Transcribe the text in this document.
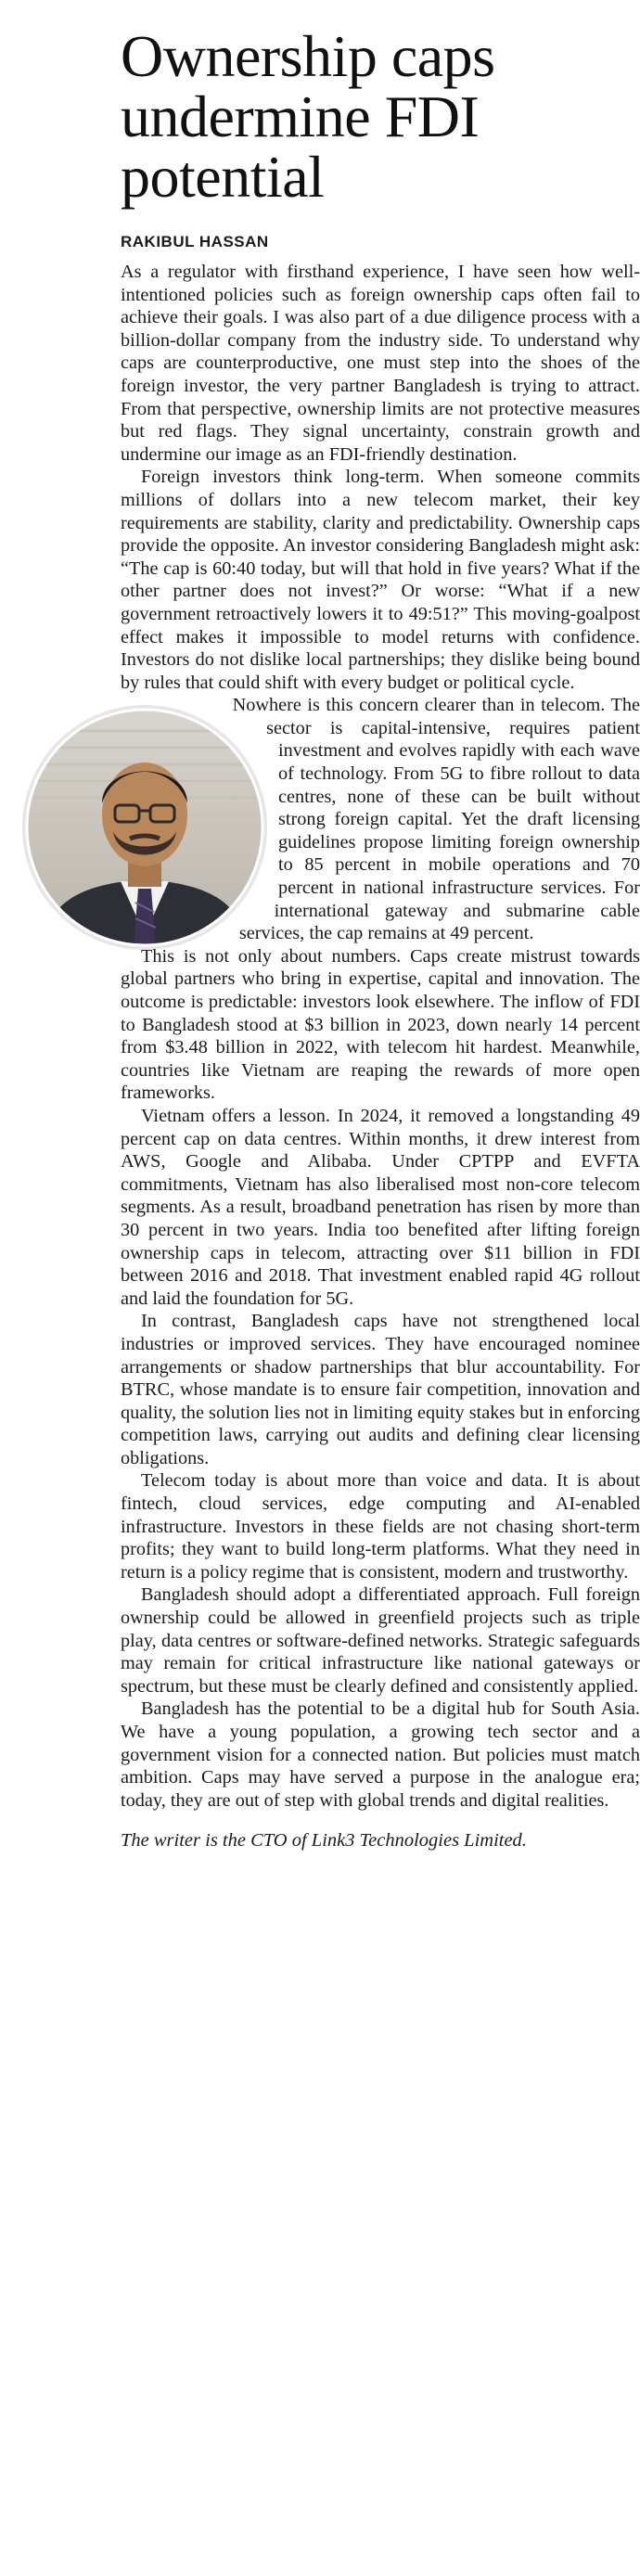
Ownership caps undermine FDI potential
RAKIBUL HASSAN

As a regulator with firsthand experience, I have seen how well-intentioned policies such as foreign ownership caps often fail to achieve their goals. I was also part of a due diligence process with a billion-dollar company from the industry side. To understand why caps are counterproductive, one must step into the shoes of the foreign investor, the very partner Bangladesh is trying to attract. From that perspective, ownership limits are not protective measures but red flags. They signal uncertainty, constrain growth and undermine our image as an FDI-friendly destination.

Foreign investors think long-term. When someone commits millions of dollars into a new telecom market, their key requirements are stability, clarity and predictability. Ownership caps provide the opposite. An investor considering Bangladesh might ask: “The cap is 60:40 today, but will that hold in five years? What if the other partner does not invest?” Or worse: “What if a new government retroactively lowers it to 49:51?” This moving-goalpost effect makes it impossible to model returns with confidence. Investors do not dislike local partnerships; they dislike being bound by rules that could shift with every budget or political cycle.

Nowhere is this concern clearer than in telecom. The sector is capital-intensive, requires patient investment and evolves rapidly with each wave of technology. From 5G to fibre rollout to data centres, none of these can be built without strong foreign capital. Yet the draft licensing guidelines propose limiting foreign ownership to 85 percent in mobile operations and 70 percent in national infrastructure services. For international gateway and submarine cable services, the cap remains at 49 percent.

This is not only about numbers. Caps create mistrust towards global partners who bring in expertise, capital and innovation. The outcome is predictable: investors look elsewhere. The inflow of FDI to Bangladesh stood at $3 billion in 2023, down nearly 14 percent from $3.48 billion in 2022, with telecom hit hardest. Meanwhile, countries like Vietnam are reaping the rewards of more open frameworks.

Vietnam offers a lesson. In 2024, it removed a longstanding 49 percent cap on data centres. Within months, it drew interest from AWS, Google and Alibaba. Under CPTPP and EVFTA commitments, Vietnam has also liberalised most non-core telecom segments. As a result, broadband penetration has risen by more than 30 percent in two years. India too benefited after lifting foreign ownership caps in telecom, attracting over $11 billion in FDI between 2016 and 2018. That investment enabled rapid 4G rollout and laid the foundation for 5G.

In contrast, Bangladesh caps have not strengthened local industries or improved services. They have encouraged nominee arrangements or shadow partnerships that blur accountability. For BTRC, whose mandate is to ensure fair competition, innovation and quality, the solution lies not in limiting equity stakes but in enforcing competition laws, carrying out audits and defining clear licensing obligations.

Telecom today is about more than voice and data. It is about fintech, cloud services, edge computing and AI-enabled infrastructure. Investors in these fields are not chasing short-term profits; they want to build long-term platforms. What they need in return is a policy regime that is consistent, modern and trustworthy.

Bangladesh should adopt a differentiated approach. Full foreign ownership could be allowed in greenfield projects such as triple play, data centres or software-defined networks. Strategic safeguards may remain for critical infrastructure like national gateways or spectrum, but these must be clearly defined and consistently applied.

Bangladesh has the potential to be a digital hub for South Asia. We have a young population, a growing tech sector and a government vision for a connected nation. But policies must match ambition. Caps may have served a purpose in the analogue era; today, they are out of step with global trends and digital realities.

The writer is the CTO of Link3 Technologies Limited.
